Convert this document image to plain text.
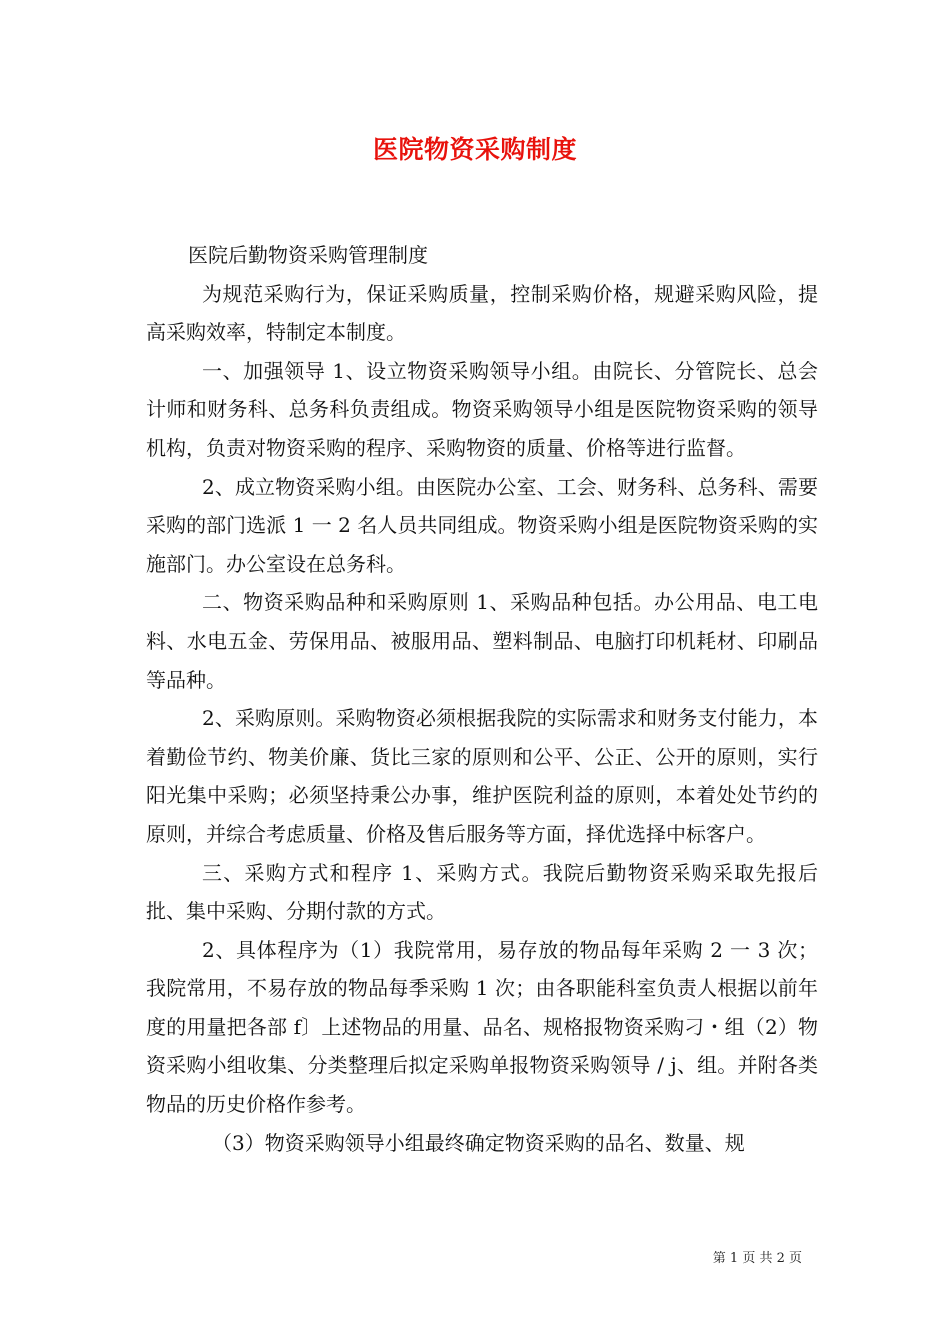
医院物资采购制度

医院后勤物资采购管理制度

为规范采购行为，保证采购质量，控制采购价格，规避采购风险，提高采购效率，特制定本制度。

一、加强领导 1、设立物资采购领导小组。由院长、分管院长、总会计师和财务科、总务科负责组成。物资采购领导小组是医院物资采购的领导机构，负责对物资采购的程序、采购物资的质量、价格等进行监督。

2、成立物资采购小组。由医院办公室、工会、财务科、总务科、需要采购的部门选派 1 一 2 名人员共同组成。物资采购小组是医院物资采购的实施部门。办公室设在总务科。

二、物资采购品种和采购原则 1、采购品种包括。办公用品、电工电料、水电五金、劳保用品、被服用品、塑料制品、电脑打印机耗材、印刷品等品种。

2、采购原则。采购物资必须根据我院的实际需求和财务支付能力，本着勤俭节约、物美价廉、货比三家的原则和公平、公正、公开的原则，实行阳光集中采购；必须坚持秉公办事，维护医院利益的原则，本着处处节约的原则，并综合考虑质量、价格及售后服务等方面，择优选择中标客户。

三、采购方式和程序 1、采购方式。我院后勤物资采购采取先报后批、集中采购、分期付款的方式。

2、具体程序为（1）我院常用，易存放的物品每年采购 2 一 3 次；我院常用，不易存放的物品每季采购 1 次；由各职能科室负责人根据以前年度的用量把各部 f〕上述物品的用量、品名、规格报物资采购刁・组（2）物资采购小组收集、分类整理后拟定采购单报物资采购领导 / j、组。并附各类物品的历史价格作参考。

（3）物资采购领导小组最终确定物资采购的品名、数量、规

第 1 页 共 2 页
